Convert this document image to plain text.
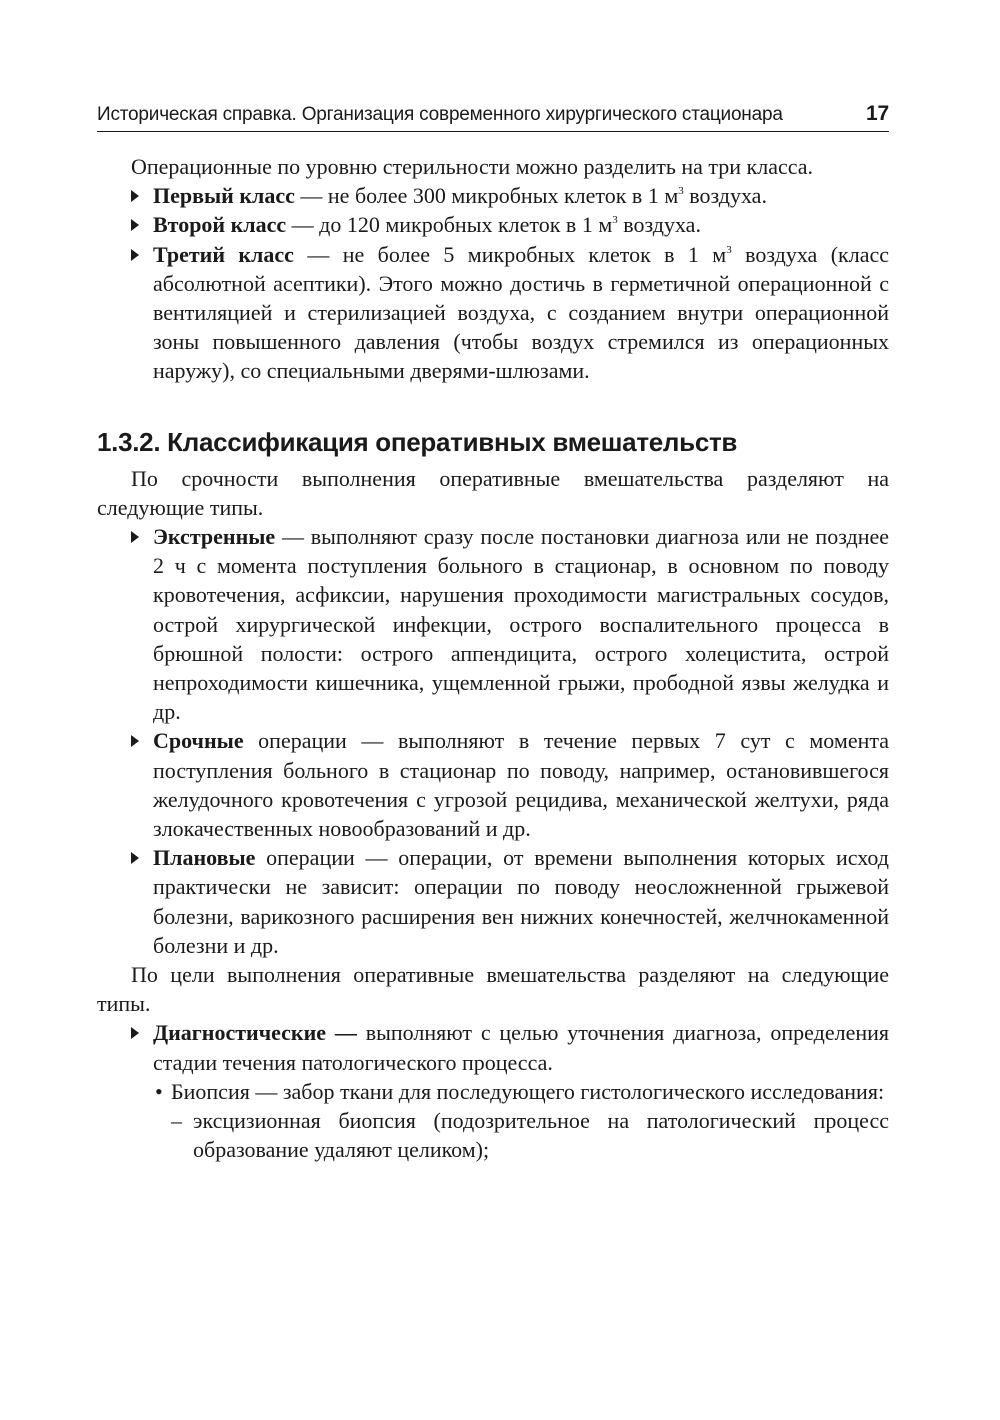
Историческая справка. Организация современного хирургического стационара	17

Операционные по уровню стерильности можно разделить на три класса.

Первый класс — не более 300 микробных клеток в 1 $м^3$ воздуха.
Второй класс — до 120 микробных клеток в 1 $м^3$ воздуха.
Третий класс — не более 5 микробных клеток в 1 $м^3$ воздуха (класс абсолютной асептики). Этого можно достичь в герметичной операционной с вентиляцией и стерилизацией воздуха, с созданием внутри операционной зоны повышенного давления (чтобы воздух стремился из операционных наружу), со специальными дверями-шлюзами.
1.3.2. Классификация оперативных вмешательств

По срочности выполнения оперативные вмешательства разделяют на следующие типы.

Экстренные — выполняют сразу после постановки диагноза или не позднее 2 ч с момента поступления больного в стационар, в основном по поводу кровотечения, асфиксии, нарушения проходимости магистральных сосудов, острой хирургической инфекции, острого воспалительного процесса в брюшной полости: острого аппендицита, острого холецистита, острой непроходимости кишечника, ущемленной грыжи, прободной язвы желудка и др.
Срочные операции — выполняют в течение первых 7 сут с момента поступления больного в стационар по поводу, например, остановившегося желудочного кровотечения с угрозой рецидива, механической желтухи, ряда злокачественных новообразований и др.
Плановые операции — операции, от времени выполнения которых исход практически не зависит: операции по поводу неосложненной грыжевой болезни, варикозного расширения вен нижних конечностей, желчнокаменной болезни и др.

По цели выполнения оперативные вмешательства разделяют на следующие типы.

Диагностические — выполняют с целью уточнения диагноза, определения стадии течения патологического процесса.
• Биопсия — забор ткани для последующего гистологического исследования:
– эксцизионная биопсия (подозрительное на патологический процесс образование удаляют целиком);
